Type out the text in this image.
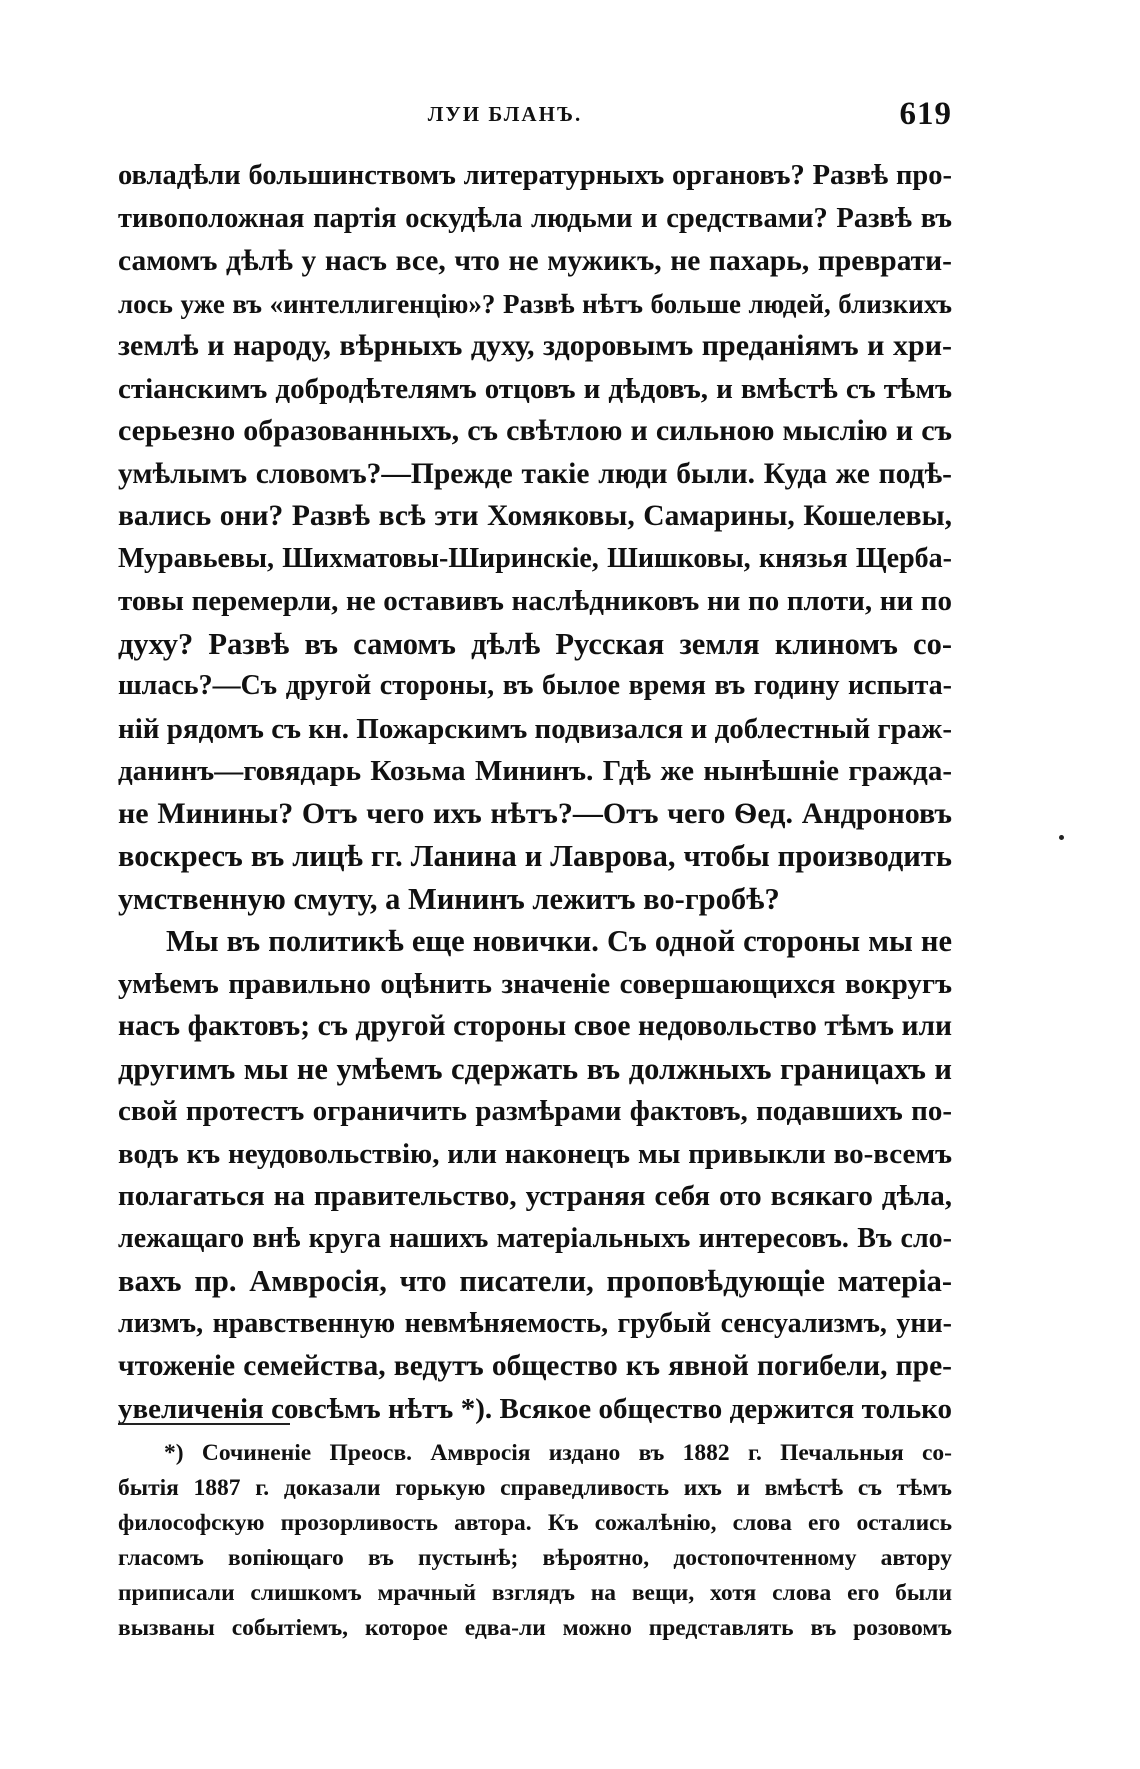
ЛУИ БЛАНЪ.	619
овладѣли большинствомъ литературныхъ органовъ? Развѣ про-
тивоположная партія оскудѣла людьми и средствами? Развѣ въ
самомъ дѣлѣ у насъ все, что не мужикъ, не пахарь, преврати-
лось уже въ «интеллигенцію»? Развѣ нѣтъ больше людей, близкихъ
землѣ и народу, вѣрныхъ духу, здоровымъ преданіямъ и хри-
стіанскимъ добродѣтелямъ отцовъ и дѣдовъ, и вмѣстѣ съ тѣмъ
серьезно образованныхъ, съ свѣтлою и сильною мыслію и съ
умѣлымъ словомъ?—Прежде такіе люди были. Куда же подѣ-
вались они? Развѣ всѣ эти Хомяковы, Самарины, Кошелевы,
Муравьевы, Шихматовы-Ширинскіе, Шишковы, князья Щерба-
товы перемерли, не оставивъ наслѣдниковъ ни по плоти, ни по
духу? Развѣ въ самомъ дѣлѣ Русская земля клиномъ со-
шлась?—Съ другой стороны, въ былое время въ годину испыта-
ній рядомъ съ кн. Пожарскимъ подвизался и доблестный граж-
данинъ—говядарь Козьма Мининъ. Гдѣ же нынѣшніе гражда-
не Минины? Отъ чего ихъ нѣтъ?—Отъ чего Ѳед. Андроновъ
воскресъ въ лицѣ гг. Ланина и Лаврова, чтобы производить
умственную смуту, а Мининъ лежитъ во-гробѣ?
Мы въ политикѣ еще новички. Съ одной стороны мы не
умѣемъ правильно оцѣнить значеніе совершающихся вокругъ
насъ фактовъ; съ другой стороны свое недовольство тѣмъ или
другимъ мы не умѣемъ сдержать въ должныхъ границахъ и
свой протестъ ограничить размѣрами фактовъ, подавшихъ по-
водъ къ неудовольствію, или наконецъ мы привыкли во-всемъ
полагаться на правительство, устраняя себя ото всякаго дѣла,
лежащаго внѣ круга нашихъ матеріальныхъ интересовъ. Въ сло-
вахъ пр. Амвросія, что писатели, проповѣдующіе матеріа-
лизмъ, нравственную невмѣняемость, грубый сенсуализмъ, уни-
чтоженіе семейства, ведутъ общество къ явной погибели, пре-
увеличенія совсѣмъ нѣтъ *). Всякое общество держится только
*) Сочиненіе Преосв. Амвросія издано въ 1882 г. Печальныя со-
бытія 1887 г. доказали горькую справедливость ихъ и вмѣстѣ съ тѣмъ
философскую прозорливость автора. Къ сожалѣнію, слова его остались
гласомъ вопіющаго въ пустынѣ; вѣроятно, достопочтенному автору
приписали слишкомъ мрачный взглядъ на вещи, хотя слова его были
вызваны событіемъ, которое едва-ли можно представлять въ розовомъ
